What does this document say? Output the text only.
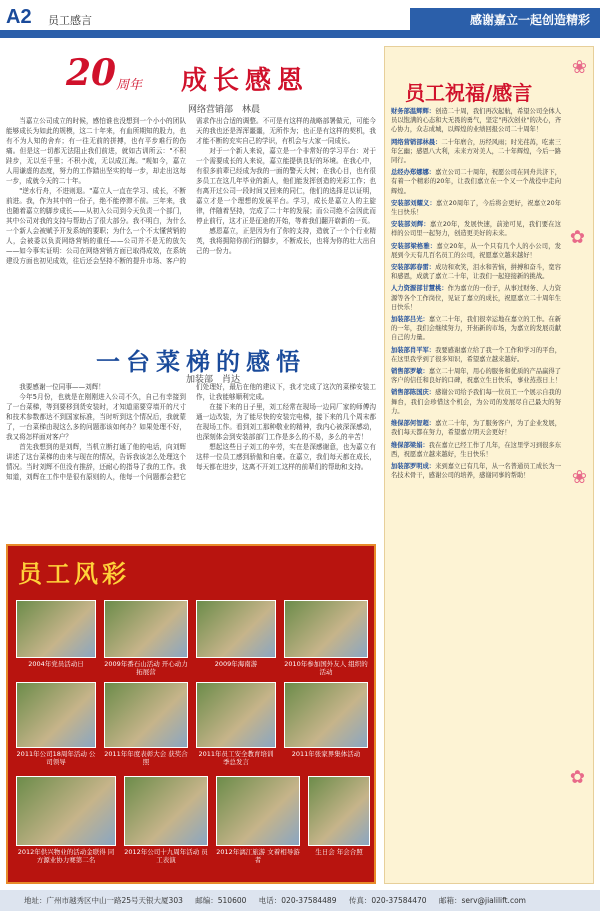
A2 员工感言	感谢嘉立一起创造精彩
20 周年 成长感恩
网络营销部　林晨

当嘉立公司成立的时候，感怕谁也没想到一个小小的团队能够成长为如此的规模，这二十年来，有血所期知的股力，也有不为人知的舍弃；有一往无前的拼搏，也有平步难行的伤痛。但是这一切都无法阻止我们前进，就如古训所云："不积跬步，无以至千里；不积小流，无以成江海。"观如今，嘉立人用谦虚的态度，努力的工作踏出坚实的每一步，却走出这每一步，成就今天的二十年。

"逆水行舟，不进则退。"嘉立人一直在学习、成长，不断前进。我，作为其中的一份子，绝不能停滞不前。三年来，我也随着嘉立的脚步成长——从初入公司到今天负责一个部门，其中公司对我的支持与帮助占了很大部分。我不明白，为什么一个新人会被赋予开发系统的要职；为什么一个不太懂营销的人，会被委以负责网络营销的重任——公司并不是无的放矢——如今事实证明：公司在网络营销方面已取得成效，在系统建设方面也初见成效，往后还会坚持不断的提升市场、客户的需求作出合适的调整。不可是有这样的战略部署做元，可能今天的我也还是浑浑噩噩，无所作为；也正是有这样的契机，我才能不断的充实自己的学识，有机会与大家一同成长。

对于一个新人来说，嘉立是一个非常好的学习平台：对于一个需要成长的人来说，嘉立能提供良好的环境。在我心中，有很多前辈已经成为我的一面的警天大树；在我心目，也有很多员工在这几年毕业的新人，他们能发挥创造的光彩工作；也有离开过公司一段时间又回来的同仁，他们的选择足以证明，嘉立才是一个理想的发展平台。学习，成长是嘉立人的主旋律，伴随着坚持，完成了二十年的发展；而公司绝不会因此而停止前行，这才正是征途的开始，等着我们翻开崭新的一页。

感恩嘉立，正是因为有了你的支持，造就了一个个行业精英，我将拥陪你前行的脚步，不断成长，也将为你的壮大出自己的一份力。

一台菜梯的感悟
加装部　肖达

我要感谢一位同事——刘辉！

今年5月份，也就是在刚刚进入公司不久，自己有幸接到了一台菜梯，等到要移到货安装时，才知道需要穿墙开的尺寸和技术参数都达不到国家标准，当时听到这个情况后，我就蒙了，一台菜梯由现这么多的问题那该如何办？如果处理不好，我又将怎样面对客户？

首先我想到的是刘辉，当机立断打通了他的电话，向刘辉讲述了这台菜梯的由来与现在的情况，告诉我该怎么处理这个情况。当时刘辉不但没有推辞，还耐心的指导了我的工作。我知道，刘辉在工作中是很有原则的人，他每一个问题都会把它们处理好，最后在他的建议下，我才完成了这次的菜梯安装工作，让我能够顺利完成。

在接下来的日子里，刘工经常在现场一边同厂家的师傅沟通一边改装，为了能尽快的安装完电梯，接下来的几个周末都在现场工作。看到刘工那种敬业的精神，我内心被深深感动，也深刻体会到安装部部门工作是多么的不易，多么的辛苦！

想起这些日子刘工的辛劳，实在是深感谢意，也为嘉立有这样一位员工感到骄傲和自豪。在嘉立，我们每天都在成长，每天都在进步，这离不开刘工这样的前辈们的帮助和支持。

员工风彩
2004年党员活动日	2009年番石山活动 开心动力拓展营
2009年海南游	2010年参加国外友人 组织的活动
2011年公司18周年活动 公司领导
2011年年度表彰大会 获奖合照
2011年员工安全教育培训 季总发言
2011年张家界集体活动
2012年供兴物业的活动金联得 同方源业协力赛第二名
2012年公司十九周年活动 员工表演
2012年漓江旅游 文着相导游者
生日会 年会合照
❀
✿
❀
✿
员工祝福/感言
财务部温辉辉：创造二十周，我们再次起航，希望公司全体人员以饱满的心态和大无畏的勇气，坚定"再次创业"的决心，齐心协力，众志成城，以辉煌的业绩回报公司二十周年！
网络营销部林晨：二十年磨合，历经风雨；时光荏苒，吃素三年乞幽；感恩八大利，未来方对美人，二十年辉煌，今后一路同行。
总经办郑娜娜：嘉立公司二十周年，祝愿公司在同舟共济下，有着一个精彩的20年，让我们嘉立在一个又一个战役中走向辉煌。
安装部刘耀义：嘉立20周年了，今后将会更好，祝嘉立20年生日快乐！
安装部刘辉：嘉立20年，发展快速，前途可见，我们要在这样的公司里一起努力，创造更美好的未来。
安装部梁格雅：嘉立20年，从一个只有几个人的小公司，发展到今天有几百名员工的公司，祝愿嘉立越来越好！
安装部郭春雷：成功和欢笑，泪水和苦恼，拼搏和奋斗，宽容和感恩，成就了嘉立二十年，让我们一起迎接新的挑战。
人力资源部甘慧桃：作为嘉立的一份子，从事过财务、人力资源等各个工作岗位，见证了嘉立的成长，祝愿嘉立二十周年生日快乐！
加装部吕光：嘉立二十年，我们很幸运地在嘉立的工作。在新的一年，我们会继续努力，开拓新的市场，为嘉立的发展贡献自己的力量。
加装部肖平军：我要感谢嘉立给了我一个工作和学习的平台，在这里我学到了很多知识，希望嘉立越来越好。
销售部罗敏：嘉立二十周年，用心的服务和优质的产品赢得了客户的信任和良好的口碑，祝嘉立生日快乐，事业蒸蒸日上！
销售部陈国庆：感谢公司给予我们每一位员工一个展示自我的舞台，我们会珍惜这个机会，为公司的发展尽自己最大的努力。
维保部何智超：嘉立二十年，为了服务客户，为了企业发展，我们每天都在努力，希望嘉立明天会更好！
维保部梁娟：我在嘉立已经工作了几年，在这里学习到很多东西，祝愿嘉立越来越好，生日快乐！
加装部罗明成：来到嘉立已有几年，从一名普通员工成长为一名技术骨干，感谢公司的培养，感谢同事的帮助！
地址：广州市越秀区中山一路25号天银大厦303 邮编：510600 电话：020-37584489 传真：020-37584470 邮箱：serv@jialilift.com
